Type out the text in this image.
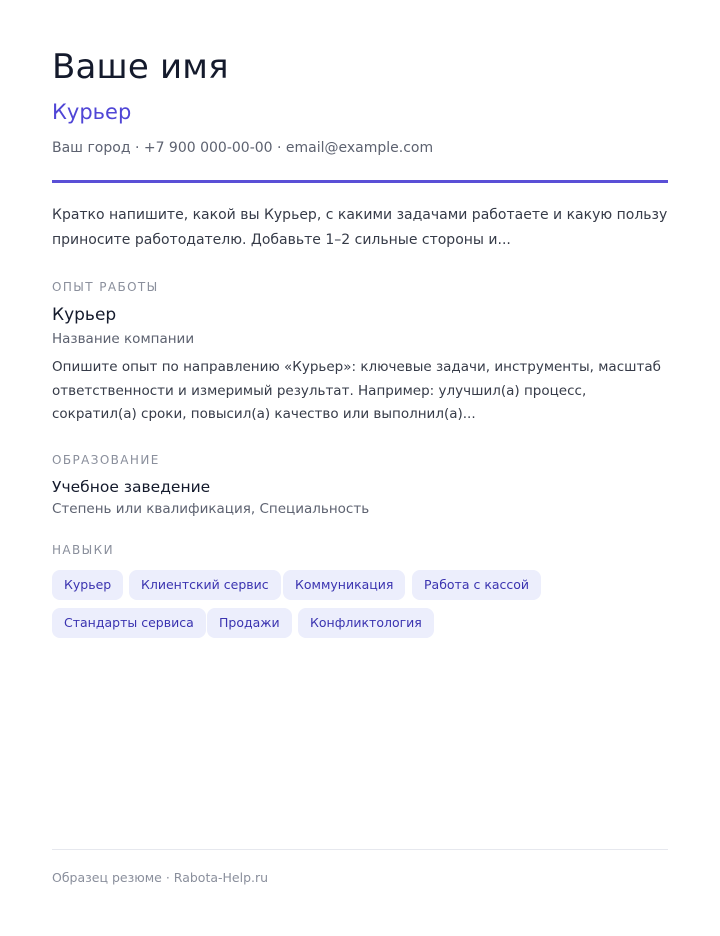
Ваше имя
Курьер
Ваш город · +7 900 000-00-00 · email@example.com
Кратко напишите, какой вы Курьер, с какими задачами работаете и какую пользу приносите работодателю. Добавьте 1–2 сильные стороны и...
ОПЫТ РАБОТЫ
Курьер
Название компании
Опишите опыт по направлению «Курьер»: ключевые задачи, инструменты, масштаб ответственности и измеримый результат. Например: улучшил(а) процесс, сократил(а) сроки, повысил(а) качество или выполнил(а)...
ОБРАЗОВАНИЕ
Учебное заведение
Степень или квалификация, Специальность
НАВЫКИ
Курьер	Клиентский сервис	Коммуникация	Работа с кассой
Стандарты сервиса	Продажи	Конфликтология
Образец резюме · Rabota-Help.ru
